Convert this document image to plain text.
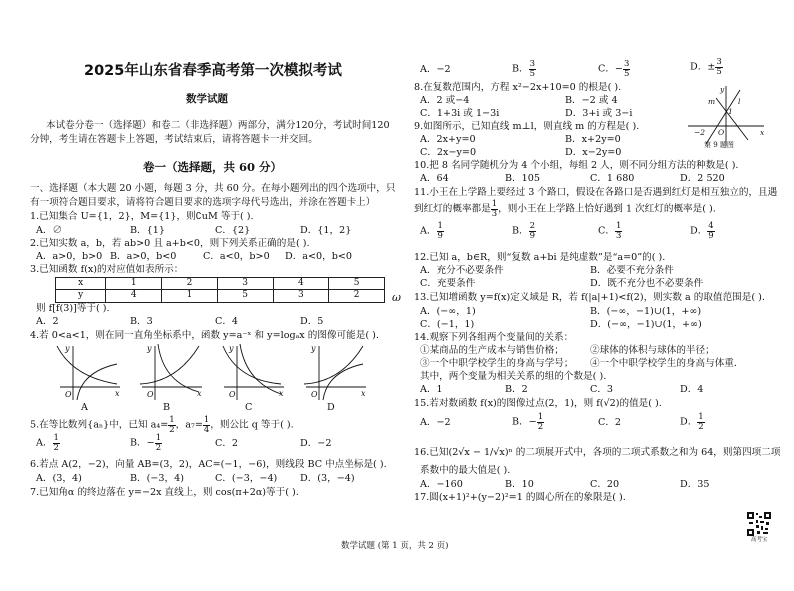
2025年山东省春季高考第一次模拟考试
数学试题
本试卷分卷一（选择题）和卷二（非选择题）两部分，满分120分，考试时间120
分钟，考生请在答题卡上答题，考试结束后，请将答题卡一并交回。
卷一（选择题，共 60 分）
一、选择题（本大题 20 小题，每题 3 分，共 60 分。在每小题列出的四个选项中，只
有一项符合题目要求，请将符合题目要求的选项字母代号选出，并涂在答题卡上）
1.已知集合 U={1，2}，M={1}，则∁uM 等于( ).
A．∅	B．{1}	C．{2}	D．{1，2}
2.已知实数 a，b，若 ab>0 且 a+b<0，则下列关系正确的是( ).
A．a>0，b>0 B．a>0，b<0	C．a<0，b>0 D．a<0，b<0
3.已知函数 f(x)的对应值如表所示：
x	1	2	3	4	5
y	4	1	5	3	2
则 f[f(3)]等于( ).
A．2	B．3	C．4	D．5
4.若 0<a<1，则在同一直角坐标系中，函数 y=a⁻ˣ 和 y=logₐx 的图像可能是( ).
y
O	x
y
O	x
y
O	x
y
O	x
A	B	C	D
5.在等比数列{aₙ}中，已知 $a_4= \frac{1}{2}$ ，$a_7= \frac{1}{4}$ ，则公比 q 等于( ).
A． $\frac{1}{2}$	B．− $\frac{1}{2}$	C．2	D．−2
6.若点 A(2，−2)，向量 AB=(3，2)，AC=(−1，−6)，则线段 BC 中点坐标是( ).
A．(3，4)	B．(−3，4)	C．(−3，−4) D．(3，−4)
7.已知角α 的终边落在 y=−2x 直线上，则 cos(π+2α)等于( ).
A．−2	B． $\frac{3}{5}$	C．− $\frac{3}{5}$	D．± $\frac{3}{5}$
8.在复数范围内，方程 x²−2x+10=0 的根是( ).
A．2 或−4	B．−2 或 4
C．1+3i 或 1−3i	D．3+i 或 3−i
9.如图所示，已知直线 m⊥l，则直线 m 的方程是( ).
A．2x+y=0	B．x+2y=0
C．2x−y=0	D．x−2y=0
y
x
m	l
−2 O
1
第 9 题图
10.把 8 名同学随机分为 4 个小组，每组 2 人，则不同分组方法的种数是( ).
A．64	B．105	C．1 680	D．2 520
11.小王在上学路上要经过 3 个路口，假设在各路口是否遇到红灯是相互独立的，且遇
到红灯的概率都是 $\frac{1}{3}$ ，则小王在上学路上恰好遇到 1 次红灯的概率是( ).
A． $\frac{1}{9}$	B． $\frac{2}{9}$	C． $\frac{1}{3}$	D． $\frac{4}{9}$
12.已知 a，b∈R，则“复数 a+bi 是纯虚数”是“a=0”的( ).
A．充分不必要条件	B．必要不充分条件
C．充要条件	D．既不充分也不必要条件
ω 13.已知增函数 y=f(x)定义域是 R，若 f(|a|+1)<f(2)，则实数 a 的取值范围是( ).
A．(−∞，1)	B．(−∞，−1)∪(1，+∞)
C．(−1，1)	D．(−∞，−1)∪(1，+∞)
14.观察下列各组两个变量间的关系：
①某商品的生产成本与销售价格；	②球体的体积与球体的半径；
③一个中职学校学生的身高与学号； ④一个中职学校学生的身高与体重．
其中，两个变量为相关关系的组的个数是( ).
A．1	B．2	C．3	D．4
15.若对数函数 f(x)的图像过点(2，1)，则 f(√2)的值是( ).
A．−2	B．− $\frac{1}{2}$	C．2	D． $\frac{1}{2}$
16.已知(2√x − 1/√x)ⁿ 的二项展开式中，各项的二项式系数之和为 64，则第四项二项
系数中的最大值是( ).
A．−160	B．10	C．20	D．35
17.圆(x+1)²+(y−2)²=1 的圆心所在的象限是( ).
高考宝
数学试题 (第 1 页，共 2 页)
